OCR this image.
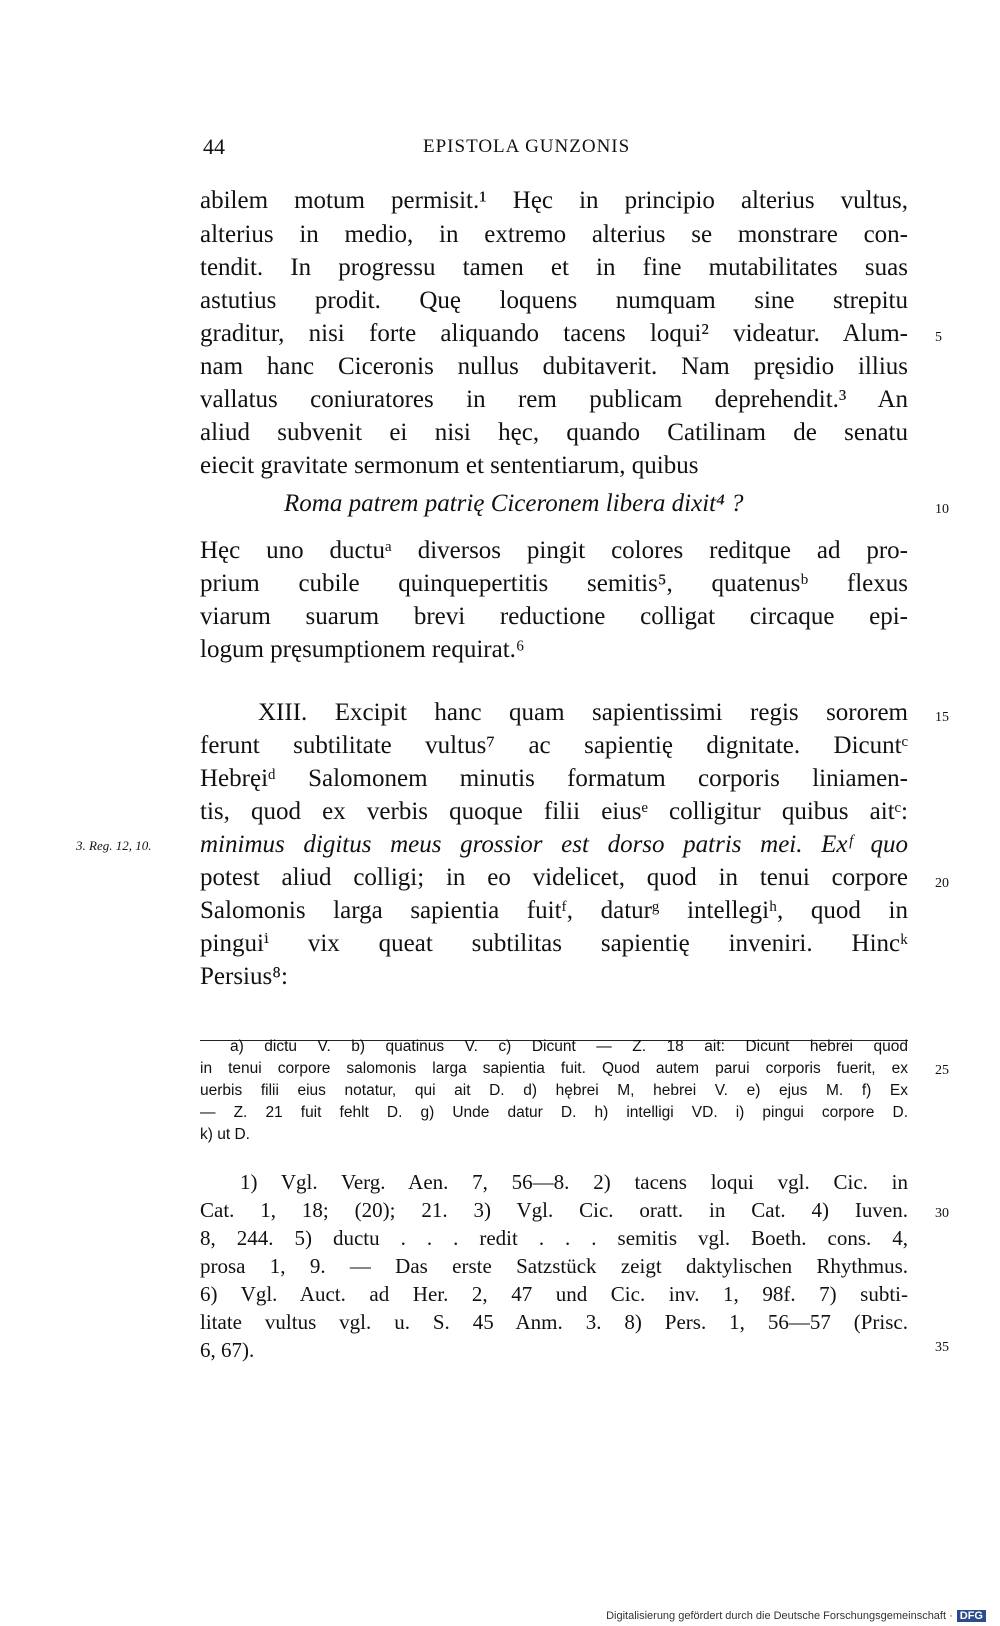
44	EPISTOLA GUNZONIS
abilem motum permisit.¹ Hęc in principio alterius vultus,
alterius in medio, in extremo alterius se monstrare con-
tendit. In progressu tamen et in fine mutabilitates suas
astutius prodit. Quę loquens numquam sine strepitu
graditur, nisi forte aliquando tacens loqui² videatur. Alum-
nam hanc Ciceronis nullus dubitaverit. Nam pręsidio illius
vallatus coniuratores in rem publicam deprehendit.³ An
aliud subvenit ei nisi hęc, quando Catilinam de senatu
eiecit gravitate sermonum et sententiarum, quibus
Roma patrem patrię Ciceronem libera dixit⁴ ?
Hęc uno ductuᵃ diversos pingit colores reditque ad pro-
prium cubile quinquepertitis semitis⁵, quatenusᵇ flexus
viarum suarum brevi reductione colligat circaque epi-
logum pręsumptionem requirat.⁶
XIII. Excipit hanc quam sapientissimi regis sororem
ferunt subtilitate vultus⁷ ac sapientię dignitate. Dicuntᶜ
Hebręiᵈ Salomonem minutis formatum corporis liniamen-
tis, quod ex verbis quoque filii eiusᵉ colligitur quibus aitᶜ:
minimus digitus meus grossior est dorso patris mei. Exᶠ quo
potest aliud colligi; in eo videlicet, quod in tenui corpore
Salomonis larga sapientia fuitᶠ, daturᵍ intellegiʰ, quod in
pinguiⁱ vix queat subtilitas sapientię inveniri. Hincᵏ
Persius⁸:
3. Reg. 12, 10.
5
10
15
20
25
30
35
a) dictu V. b) quatinus V. c) Dicunt — Z. 18 ait: Dicunt hebrei quod
in tenui corpore salomonis larga sapientia fuit. Quod autem parui corporis fuerit, ex
uerbis filii eius notatur, qui ait D. d) hębrei M, hebrei V. e) ejus M. f) Ex
— Z. 21 fuit fehlt D. g) Unde datur D. h) intelligi VD. i) pingui corpore D.
k) ut D.
1) Vgl. Verg. Aen. 7, 56—8. 2) tacens loqui vgl. Cic. in
Cat. 1, 18; (20); 21. 3) Vgl. Cic. oratt. in Cat. 4) Iuven.
8, 244. 5) ductu . . . redit . . . semitis vgl. Boeth. cons. 4,
prosa 1, 9. — Das erste Satzstück zeigt daktylischen Rhythmus.
6) Vgl. Auct. ad Her. 2, 47 und Cic. inv. 1, 98f. 7) subti-
litate vultus vgl. u. S. 45 Anm. 3. 8) Pers. 1, 56—57 (Prisc.
6, 67).
Digitalisierung gefördert durch die Deutsche Forschungsgemeinschaft · DFG
